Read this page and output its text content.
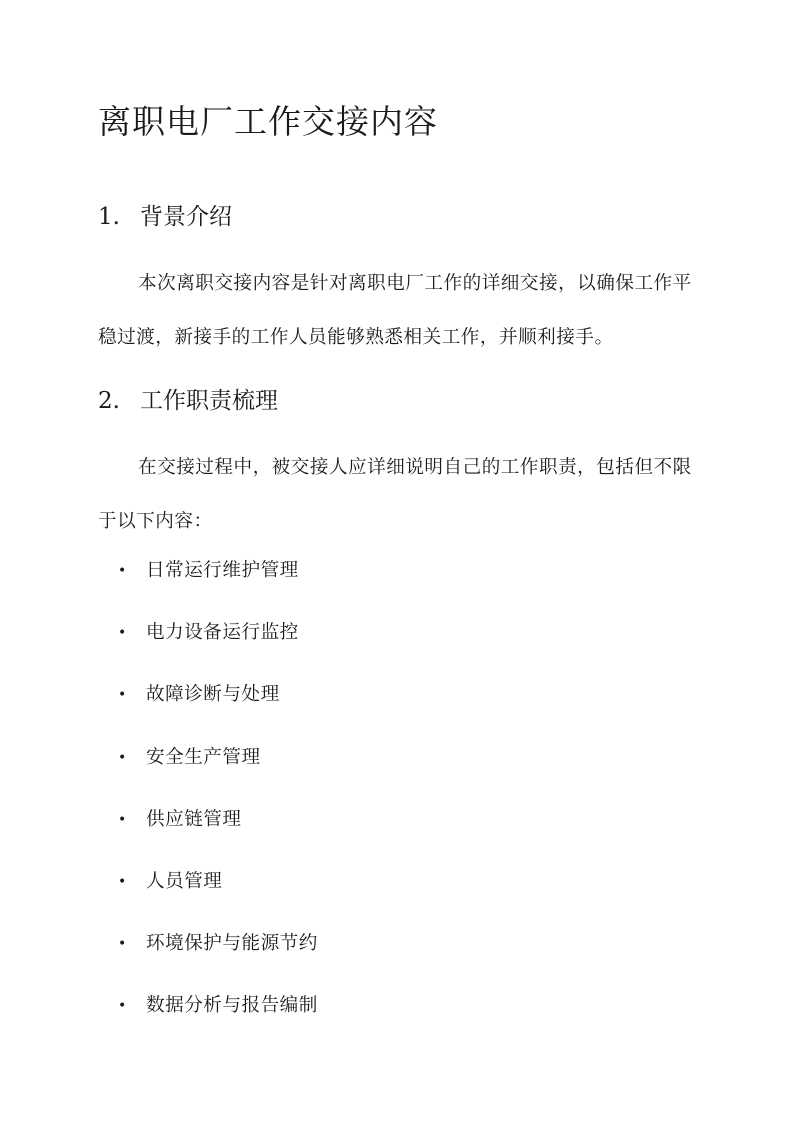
离职电厂工作交接内容
1. 背景介绍

本次离职交接内容是针对离职电厂工作的详细交接，以确保工作平稳过渡，新接手的工作人员能够熟悉相关工作，并顺利接手。

2. 工作职责梳理

在交接过程中，被交接人应详细说明自己的工作职责，包括但不限于以下内容：

•	日常运行维护管理
•	电力设备运行监控
•	故障诊断与处理
•	安全生产管理
•	供应链管理
•	人员管理
•	环境保护与能源节约
•	数据分析与报告编制
